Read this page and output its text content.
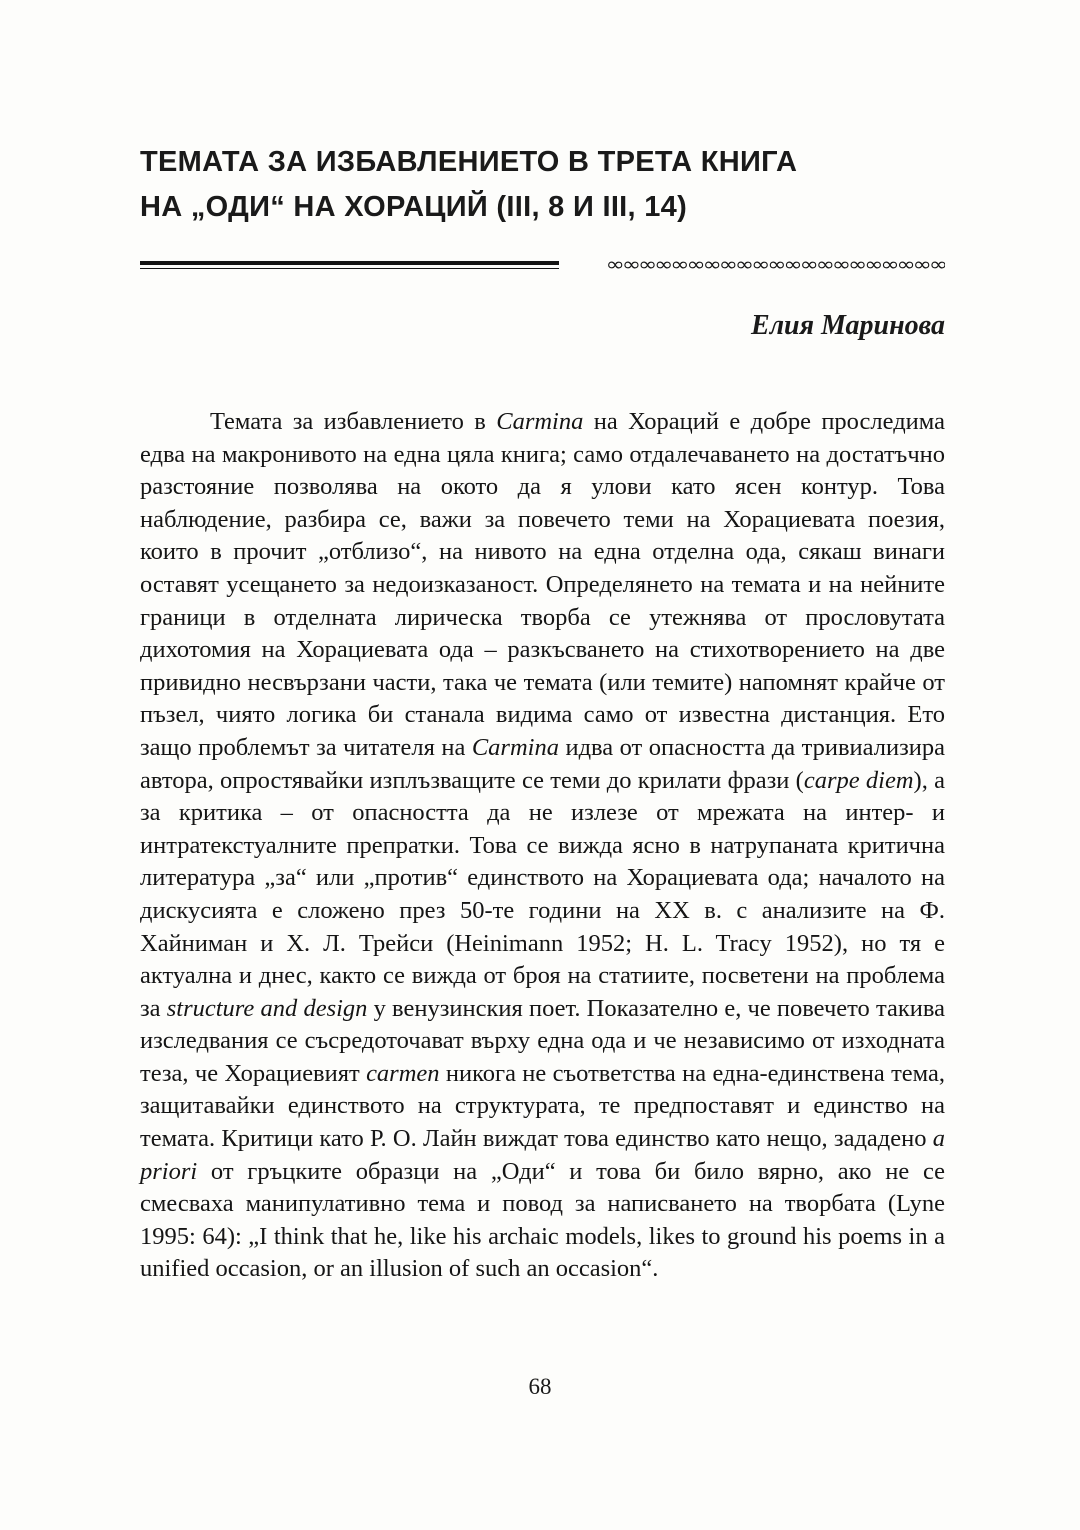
ТЕМАТА ЗА ИЗБАВЛЕНИЕТО В ТРЕТА КНИГА
НА „ОДИ“ НА ХОРАЦИЙ (III, 8 И III, 14)
∞∞∞∞∞∞∞∞∞∞∞∞∞∞∞∞∞∞∞∞∞
Елия Маринова

Темата за избавлението в Carmina на Хораций е добре проследима едва на макронивото на една цяла книга; само отдалечаването на достатъчно разстояние позволява на окото да я улови като ясен контур. Това наблюдение, разбира се, важи за повечето теми на Хорациевата поезия, които в прочит „отблизо“, на нивото на една отделна ода, сякаш винаги оставят усещането за недоизказаност. Определянето на темата и на нейните граници в отделната лирическа творба се утежнява от прословутата дихотомия на Хорациевата ода – разкъсването на стихотворението на две привидно несвързани части, така че темата (или темите) напомнят крайче от пъзел, чиято логика би станала видима само от известна дистанция. Ето защо проблемът за читателя на Carmina идва от опасността да тривиализира автора, опростявайки изплъзващите се теми до крилати фрази (carpe diem), а за критика – от опасността да не излезе от мрежата на интер- и интратекстуалните препратки. Това се вижда ясно в натрупаната критична литература „за“ или „против“ единството на Хорациевата ода; началото на дискусията е сложено през 50-те години на ХХ в. с анализите на Ф. Хайниман и Х. Л. Трейси (Heinimann 1952; H. L. Tracy 1952), но тя е актуална и днес, както се вижда от броя на статиите, посветени на проблема за structure and design у венузинския поет. Показателно е, че повечето такива изследвания се съсредоточават върху една ода и че независимо от изходната теза, че Хорациевият carmen никога не съответства на една-единствена тема, защитавайки единството на структурата, те предпоставят и единство на темата. Критици като Р. О. Лайн виждат това единство като нещо, зададено a priori от гръцките образци на „Оди“ и това би било вярно, ако не се смесваха манипулативно тема и повод за написването на творбата (Lyne 1995: 64): „I think that he, like his archaic models, likes to ground his poems in a unified occasion, or an illusion of such an occasion“.

68
